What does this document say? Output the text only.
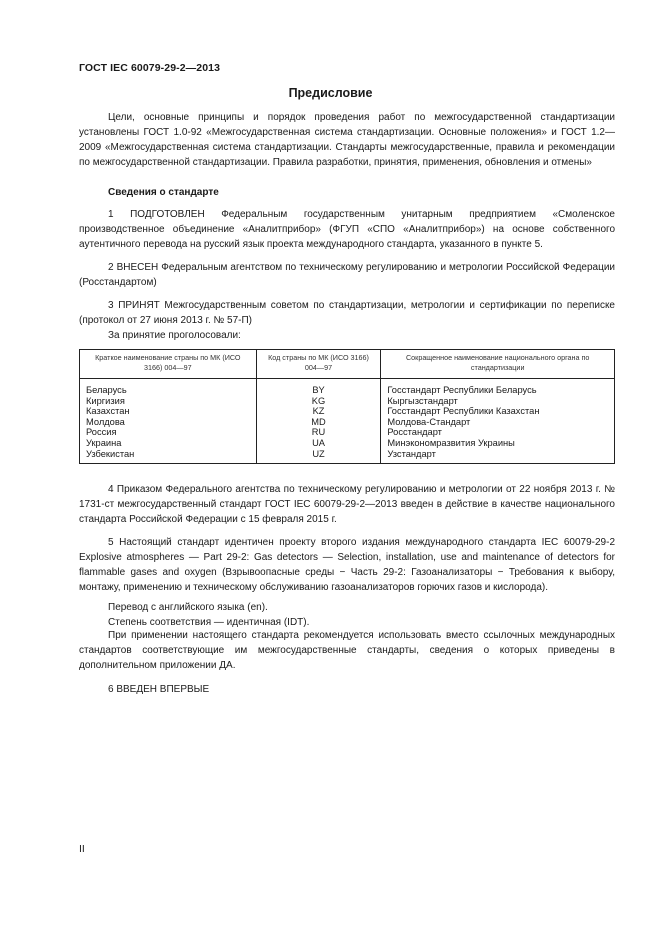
ГОСТ IEC 60079-29-2—2013
Предисловие
Цели, основные принципы и порядок проведения работ по межгосударственной стандартизации установлены ГОСТ 1.0-92 «Межгосударственная система стандартизации. Основные положения» и ГОСТ 1.2—2009 «Межгосударственная система стандартизации. Стандарты межгосударственные, правила и рекомендации по межгосударственной стандартизации. Правила разработки, принятия, применения, обновления и отмены»
Сведения о стандарте
1 ПОДГОТОВЛЕН Федеральным государственным унитарным предприятием «Смоленское производственное объединение «Аналитприбор» (ФГУП «СПО «Аналитприбор») на основе собственного аутентичного перевода на русский язык проекта международного стандарта, указанного в пункте 5.
2 ВНЕСЕН Федеральным агентством по техническому регулированию и метрологии Российской Федерации (Росстандартом)
3 ПРИНЯТ Межгосударственным советом по стандартизации, метрологии и сертификации по переписке (протокол от 27 июня 2013 г. № 57-П)
За принятие проголосовали:
Краткое наименование страны по МК (ИСО 3166) 004—97	Код страны по МК (ИСО 3166) 004—97	Сокращенное наименование национального органа по стандартизации
Беларусь	BY	Госстандарт Республики Беларусь
Киргизия	KG	Кыргызстандарт
Казахстан	KZ	Госстандарт Республики Казахстан
Молдова	MD	Молдова-Стандарт
Россия	RU	Росстандарт
Украина	UA	Минэкономразвития Украины
Узбекистан	UZ	Узстандарт
4 Приказом Федерального агентства по техническому регулированию и метрологии от 22 ноября 2013 г. № 1731-ст межгосударственный стандарт ГОСТ IEC 60079-29-2—2013 введен в действие в качестве национального стандарта Российской Федерации с 15 февраля 2015 г.
5 Настоящий стандарт идентичен проекту второго издания международного стандарта IEC 60079-29-2 Explosive atmospheres — Part 29-2: Gas detectors — Selection, installation, use and maintenance of detectors for flammable gases and oxygen (Взрывоопасные среды − Часть 29-2: Газоанализаторы − Требования к выбору, монтажу, применению и техническому обслуживанию газоанализаторов горючих газов и кислорода).
Перевод с английского языка (en).
Степень соответствия — идентичная (IDT).
При применении настоящего стандарта рекомендуется использовать вместо ссылочных международных стандартов соответствующие им межгосударственные стандарты, сведения о которых приведены в дополнительном приложении ДА.
6 ВВЕДЕН ВПЕРВЫЕ
II
